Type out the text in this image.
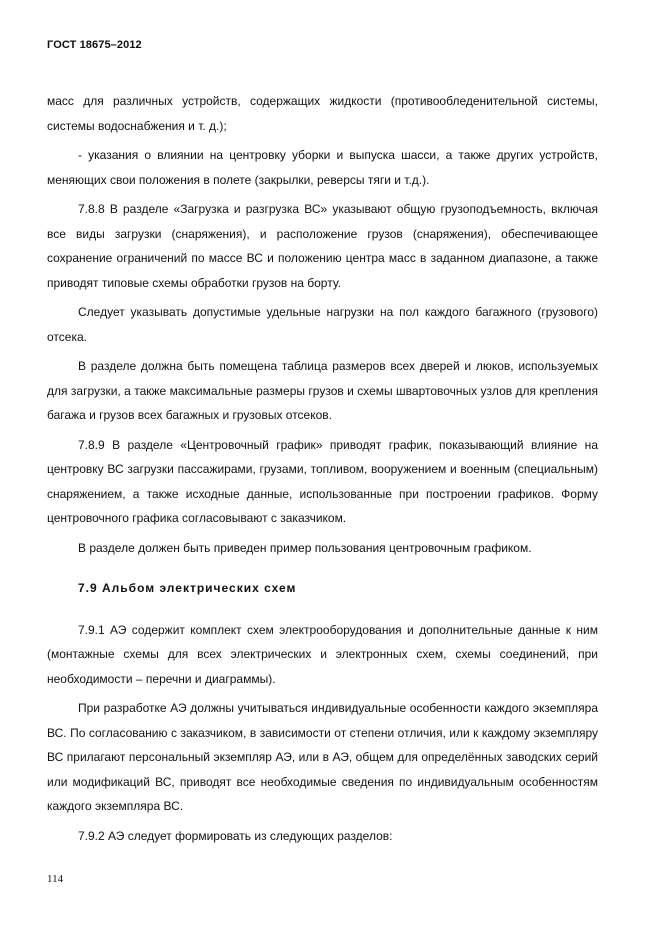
ГОСТ 18675–2012

масс для различных устройств, содержащих жидкости (противообледенительной системы, системы водоснабжения и т. д.);

- указания о влиянии на центровку уборки и выпуска шасси, а также других устройств, меняющих свои положения в полете (закрылки, реверсы тяги и т.д.).

7.8.8 В разделе «Загрузка и разгрузка ВС» указывают общую грузоподъемность, включая все виды загрузки (снаряжения), и расположение грузов (снаряжения), обеспечивающее сохранение ограничений по массе ВС и положению центра масс в заданном диапазоне, а также приводят типовые схемы обработки грузов на борту.

Следует указывать допустимые удельные нагрузки на пол каждого багажного (грузового) отсека.

В разделе должна быть помещена таблица размеров всех дверей и люков, используемых для загрузки, а также максимальные размеры грузов и схемы швартовочных узлов для крепления багажа и грузов всех багажных и грузовых отсеков.

7.8.9 В разделе «Центровочный график» приводят график, показывающий влияние на центровку ВС загрузки пассажирами, грузами, топливом, вооружением и военным (специальным) снаряжением, а также исходные данные, использованные при построении графиков. Форму центровочного графика согласовывают с заказчиком.

В разделе должен быть приведен пример пользования центровочным графиком.

7.9 Альбом электрических схем

7.9.1 АЭ содержит комплект схем электрооборудования и дополнительные данные к ним (монтажные схемы для всех электрических и электронных схем, схемы соединений, при необходимости – перечни и диаграммы).

При разработке АЭ должны учитываться индивидуальные особенности каждого экземпляра ВС. По согласованию с заказчиком, в зависимости от степени отличия, или к каждому экземпляру ВС прилагают персональный экземпляр АЭ, или в АЭ, общем для определённых заводских серий или модификаций ВС, приводят все необходимые сведения по индивидуальным особенностям каждого экземпляра ВС.

7.9.2 АЭ следует формировать из следующих разделов:

114
